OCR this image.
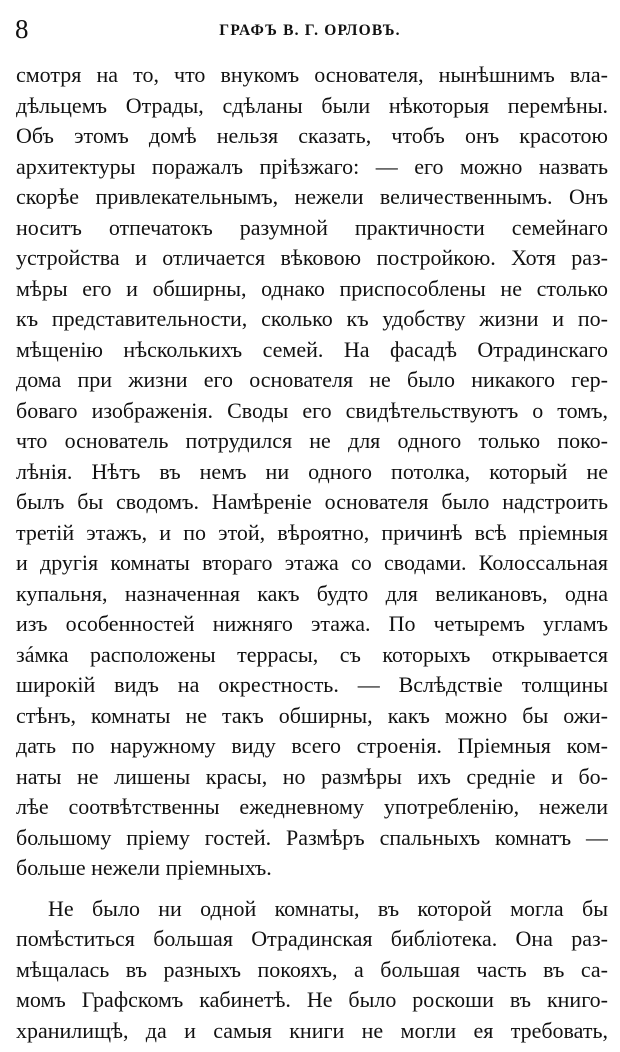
8	ГРАФЪ В. Г. ОРЛОВЪ.
смотря на то, что внукомъ основателя, нынѣшнимъ вла-
дѣльцемъ Отрады, сдѣланы были нѣкоторыя перемѣны.
Объ этомъ домѣ нельзя сказать, чтобъ онъ красотою
архитектуры поражалъ пріѣзжаго: — его можно назвать
скорѣе привлекательнымъ, нежели величественнымъ. Онъ
носитъ отпечатокъ разумной практичности семейнаго
устройства и отличается вѣковою постройкою. Хотя раз-
мѣры его и обширны, однако приспособлены не столько
къ представительности, сколько къ удобству жизни и по-
мѣщенію нѣсколькихъ семей. На фасадѣ Отрадинскаго
дома при жизни его основателя не было никакого гер-
боваго изображенія. Своды его свидѣтельствуютъ о томъ,
что основатель потрудился не для одного только поко-
лѣнія. Нѣтъ въ немъ ни одного потолка, который не
былъ бы сводомъ. Намѣреніе основателя было надстроить
третій этажъ, и по этой, вѣроятно, причинѣ всѣ пріемныя
и другія комнаты втораго этажа со сводами. Колоссальная
купальня, назначенная какъ будто для великановъ, одна
изъ особенностей нижняго этажа. По четыремъ угламъ
зáмка расположены террасы, съ которыхъ открывается
широкій видъ на окрестность. — Вслѣдствіе толщины
стѣнъ, комнаты не такъ обширны, какъ можно бы ожи-
дать по наружному виду всего строенія. Пріемныя ком-
наты не лишены красы, но размѣры ихъ средніе и бо-
лѣе соотвѣтственны ежедневному употребленію, нежели
большому пріему гостей. Размѣръ спальныхъ комнатъ —
больше нежели пріемныхъ.
Не было ни одной комнаты, въ которой могла бы
помѣститься большая Отрадинская библіотека. Она раз-
мѣщалась въ разныхъ покояхъ, а большая часть въ са-
момъ Графскомъ кабинетѣ. Не было роскоши въ книго-
хранилищѣ, да и самыя книги не могли ея требовать,
